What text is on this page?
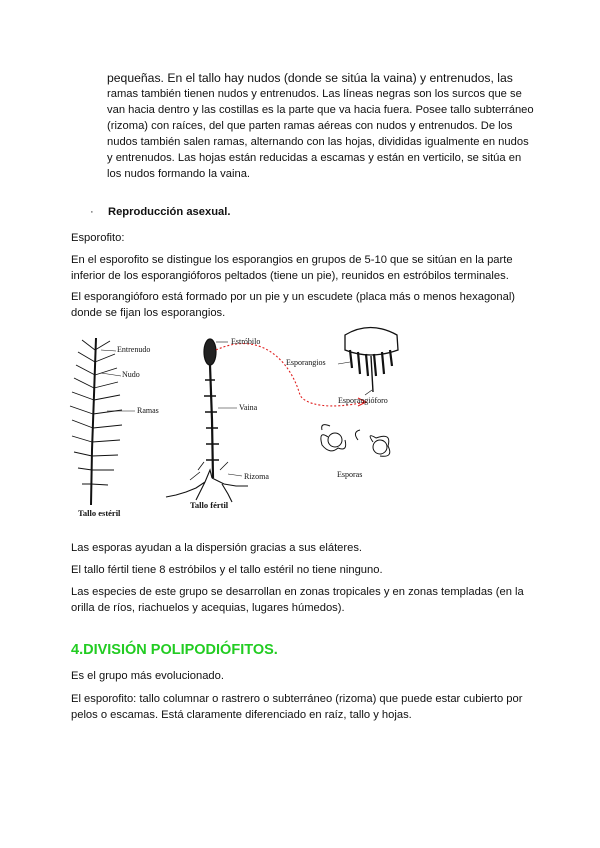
pequeñas. En el tallo hay nudos (donde se sitúa la vaina) y entrenudos, las
ramas también tienen nudos y entrenudos. Las líneas negras son los surcos que se van hacia dentro y las costillas es la parte que va hacia fuera. Posee tallo subterráneo (rizoma) con raíces, del que parten ramas aéreas con nudos y entrenudos. De los nudos también salen ramas, alternando con las hojas, divididas igualmente en nudos y entrenudos. Las hojas están reducidas a escamas y están en verticilo, se sitúa en los nudos formando la vaina.
· Reproducción asexual.
Esporofito:
En el esporofito se distingue los esporangios en grupos de 5-10 que se sitúan en la parte inferior de los esporangióforos peltados (tiene un pie), reunidos en estróbilos terminales.
El esporangióforo está formado por un pie y un escudete (placa más o menos hexagonal) donde se fijan los esporangios.
Entrenudo
Nudo
Ramas
Tallo estéril
Estróbilo
Vaina
Rizoma
Tallo fértil
Esporangios
Esporangióforo
Esporas
Las esporas ayudan a la dispersión gracias a sus eláteres.
El tallo fértil tiene 8 estróbilos y el tallo estéril no tiene ninguno.
Las especies de este grupo se desarrollan en zonas tropicales y en zonas templadas (en la orilla de ríos, riachuelos y acequias, lugares húmedos).
4.DIVISIÓN POLIPODIÓFITOS.
Es el grupo más evolucionado.
El esporofito: tallo columnar o rastrero o subterráneo (rizoma) que puede estar cubierto por pelos o escamas. Está claramente diferenciado en raíz, tallo y hojas.
